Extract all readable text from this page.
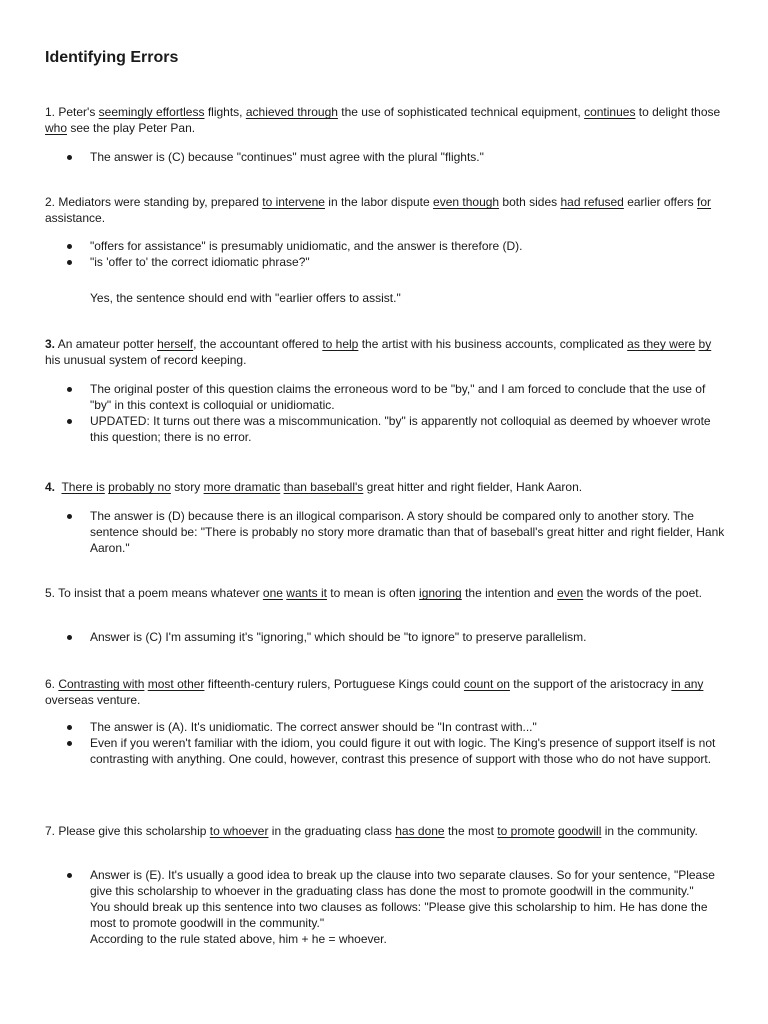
Identifying Errors

1. Peter's seemingly effortless flights, achieved through the use of sophisticated technical equipment, continues to delight those who see the play Peter Pan.

The answer is (C) because "continues" must agree with the plural "flights."

2. Mediators were standing by, prepared to intervene in the labor dispute even though both sides had refused earlier offers for assistance.

"offers for assistance" is presumably unidiomatic, and the answer is therefore (D).
"is 'offer to' the correct idiomatic phrase?"

Yes, the sentence should end with "earlier offers to assist."

3. An amateur potter herself, the accountant offered to help the artist with his business accounts, complicated as they were by his unusual system of record keeping.

The original poster of this question claims the erroneous word to be "by," and I am forced to conclude that the use of "by" in this context is colloquial or unidiomatic.
UPDATED: It turns out there was a miscommunication. "by" is apparently not colloquial as deemed by whoever wrote this question; there is no error.

4. There is probably no story more dramatic than baseball's great hitter and right fielder, Hank Aaron.

The answer is (D) because there is an illogical comparison. A story should be compared only to another story. The sentence should be: "There is probably no story more dramatic than that of baseball's great hitter and right fielder, Hank Aaron."

5. To insist that a poem means whatever one wants it to mean is often ignoring the intention and even the words of the poet.

Answer is (C) I'm assuming it's "ignoring," which should be "to ignore" to preserve parallelism.

6. Contrasting with most other fifteenth-century rulers, Portuguese Kings could count on the support of the aristocracy in any overseas venture.

The answer is (A). It's unidiomatic. The correct answer should be "In contrast with..."
Even if you weren't familiar with the idiom, you could figure it out with logic. The King's presence of support itself is not contrasting with anything. One could, however, contrast this presence of support with those who do not have support.

7. Please give this scholarship to whoever in the graduating class has done the most to promote goodwill in the community.

Answer is (E). It's usually a good idea to break up the clause into two separate clauses. So for your sentence, "Please give this scholarship to whoever in the graduating class has done the most to promote goodwill in the community."
You should break up this sentence into two clauses as follows: "Please give this scholarship to him. He has done the most to promote goodwill in the community."
According to the rule stated above, him + he = whoever.
